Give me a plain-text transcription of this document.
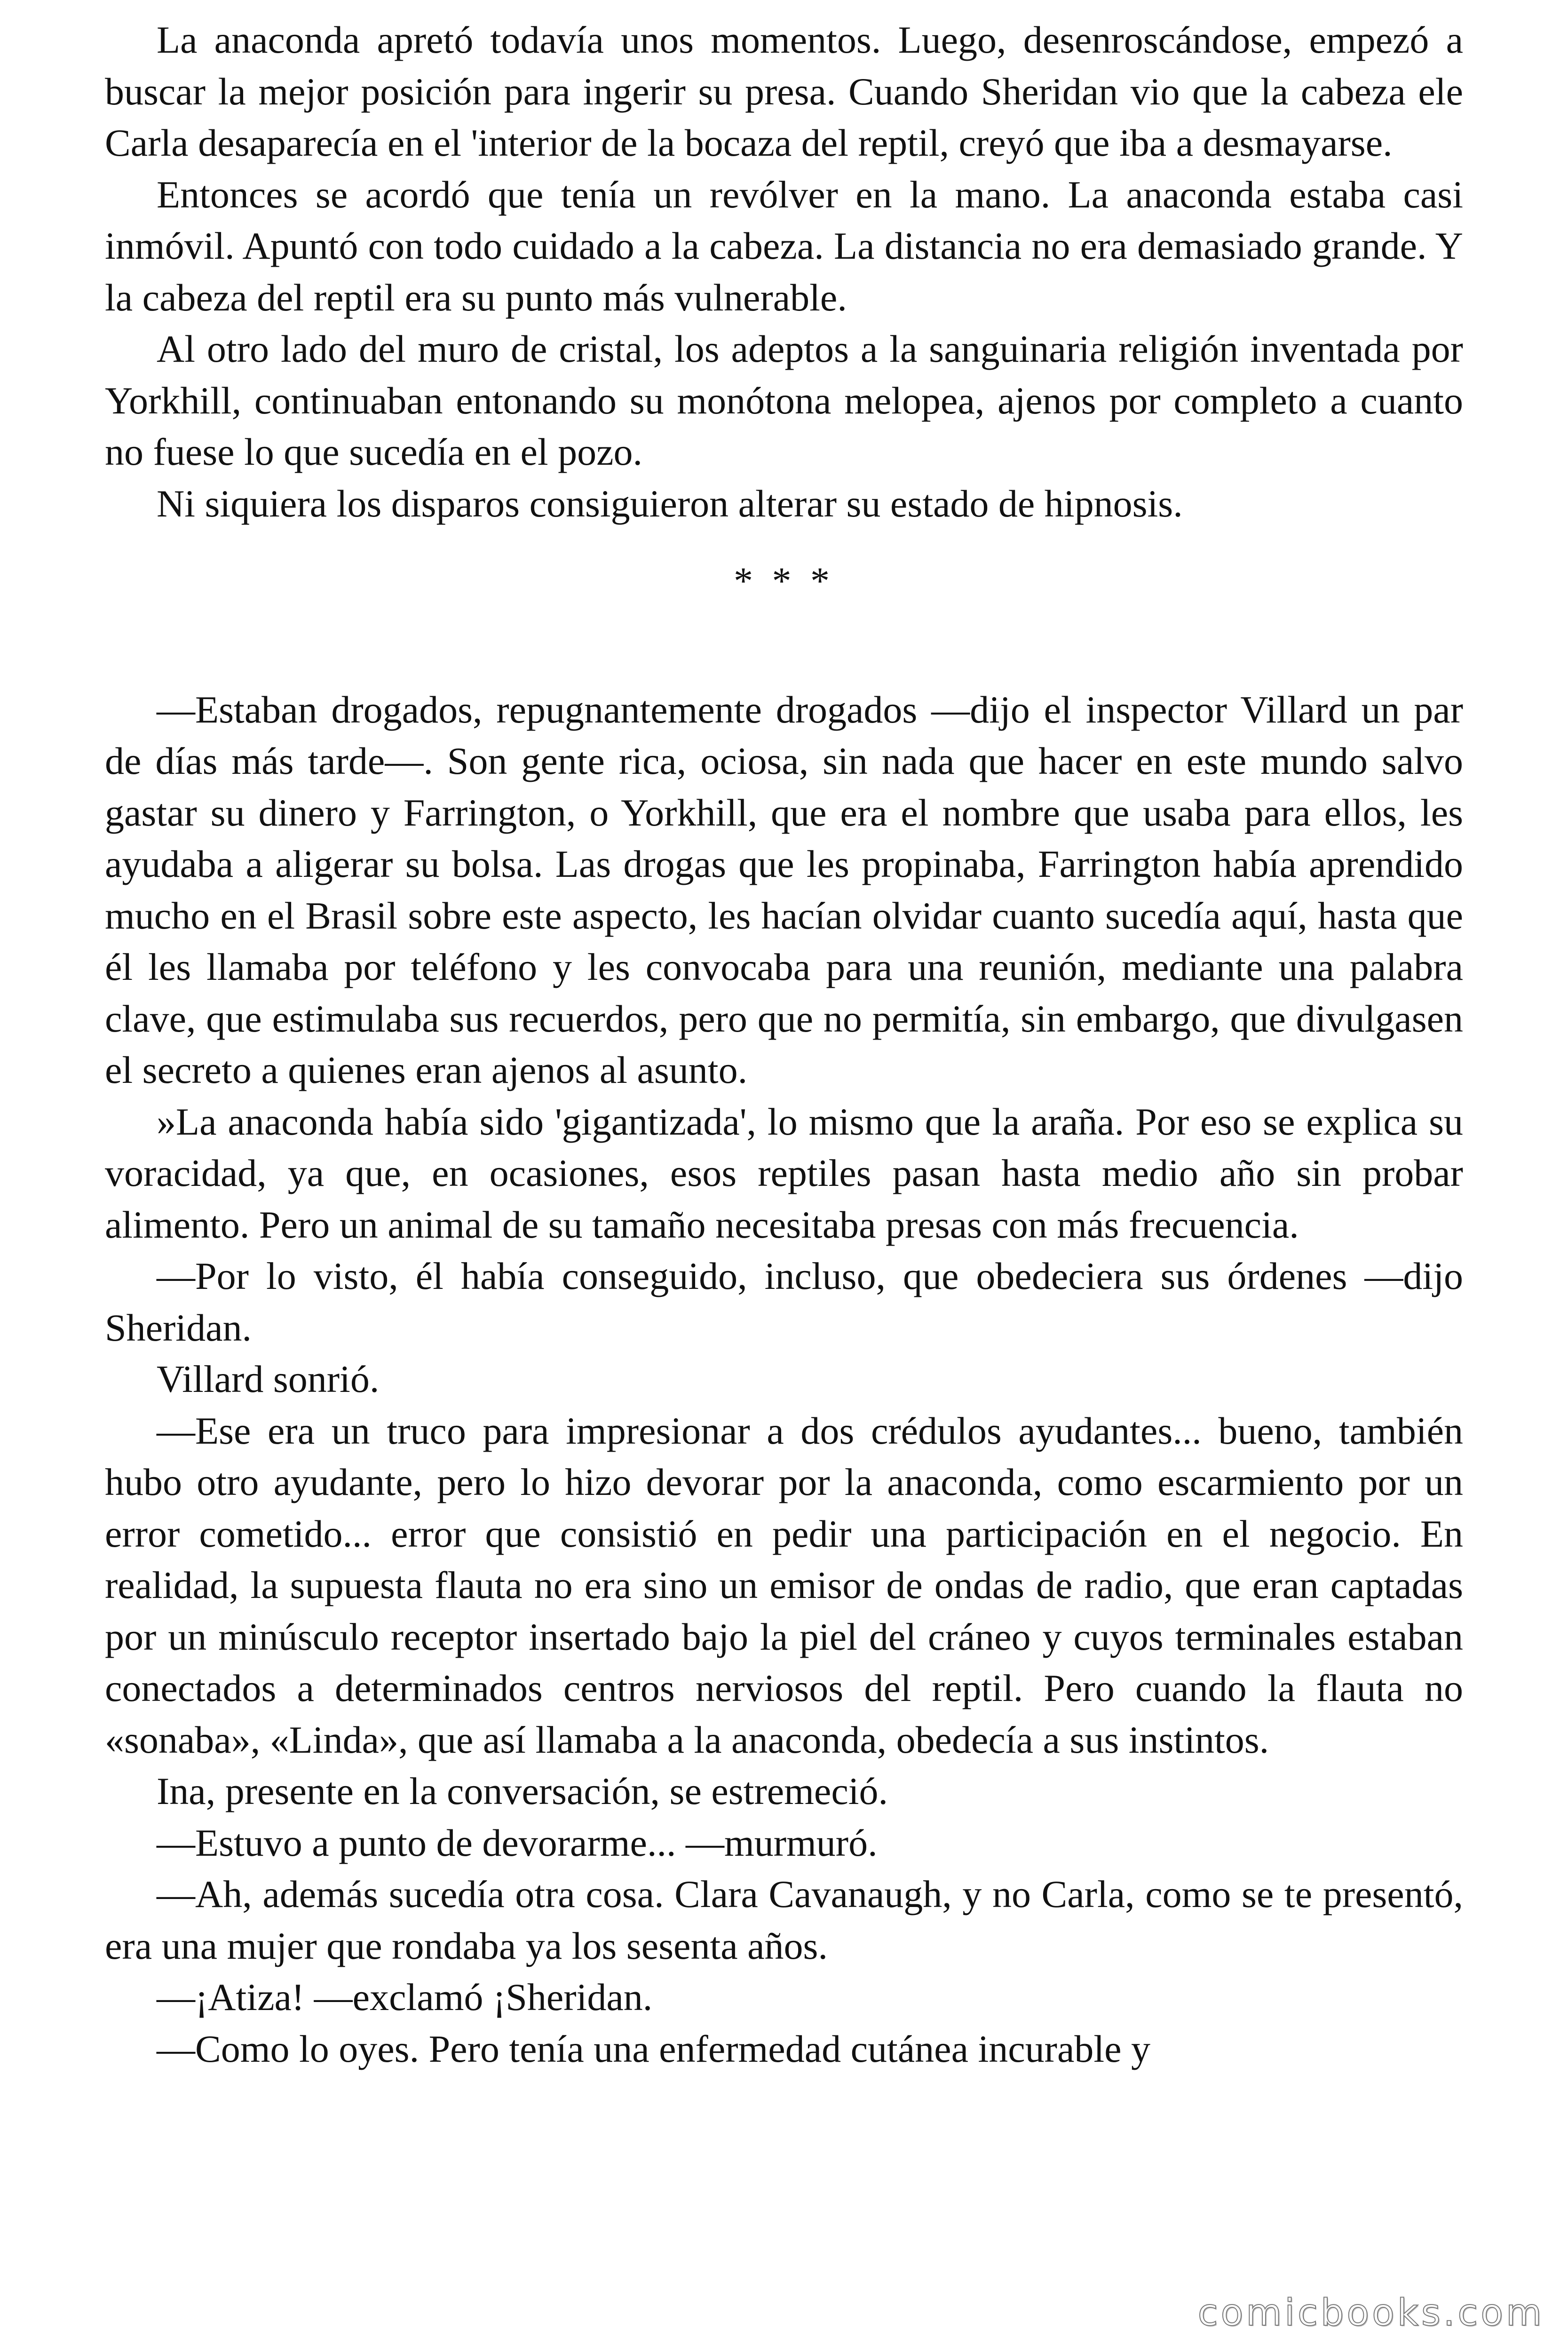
La anaconda apretó todavía unos momentos. Luego, desenroscándose, empezó a buscar la mejor posición para ingerir su presa. Cuando Sheridan vio que la cabeza ele Carla desaparecía en el 'interior de la bocaza del reptil, creyó que iba a desmayarse.

Entonces se acordó que tenía un revólver en la mano. La anaconda estaba casi inmóvil. Apuntó con todo cuidado a la cabeza. La distancia no era demasiado grande. Y la cabeza del reptil era su punto más vulnerable.

Al otro lado del muro de cristal, los adeptos a la sanguinaria religión inventada por Yorkhill, continuaban entonando su monótona melopea, ajenos por completo a cuanto no fuese lo que sucedía en el pozo.

Ni siquiera los disparos consiguieron alterar su estado de hipnosis.

* * *

—Estaban drogados, repugnantemente drogados —dijo el inspector Villard un par de días más tarde—. Son gente rica, ociosa, sin nada que hacer en este mundo salvo gastar su dinero y Farrington, o Yorkhill, que era el nombre que usaba para ellos, les ayudaba a aligerar su bolsa. Las drogas que les propinaba, Farrington había aprendido mucho en el Brasil sobre este aspecto, les hacían olvidar cuanto sucedía aquí, hasta que él les llamaba por teléfono y les convocaba para una reunión, mediante una palabra clave, que estimulaba sus recuerdos, pero que no permitía, sin embargo, que divulgasen el secreto a quienes eran ajenos al asunto.

»La anaconda había sido 'gigantizada', lo mismo que la araña. Por eso se explica su voracidad, ya que, en ocasiones, esos reptiles pasan hasta medio año sin probar alimento. Pero un animal de su tamaño necesitaba presas con más frecuencia.

—Por lo visto, él había conseguido, incluso, que obedeciera sus órdenes —dijo Sheridan.

Villard sonrió.

—Ese era un truco para impresionar a dos crédulos ayudantes... bueno, también hubo otro ayudante, pero lo hizo devorar por la anaconda, como escarmiento por un error cometido... error que consistió en pedir una participación en el negocio. En realidad, la supuesta flauta no era sino un emisor de ondas de radio, que eran captadas por un minúsculo receptor insertado bajo la piel del cráneo y cuyos terminales estaban conectados a determinados centros nerviosos del reptil. Pero cuando la flauta no «sonaba», «Linda», que así llamaba a la anaconda, obedecía a sus instintos.

Ina, presente en la conversación, se estremeció.

—Estuvo a punto de devorarme... —murmuró.

—Ah, además sucedía otra cosa. Clara Cavanaugh, y no Carla, como se te presentó, era una mujer que rondaba ya los sesenta años.

—¡Atiza! —exclamó ¡Sheridan.

—Como lo oyes. Pero tenía una enfermedad cutánea incurable y

comicbooks.com
